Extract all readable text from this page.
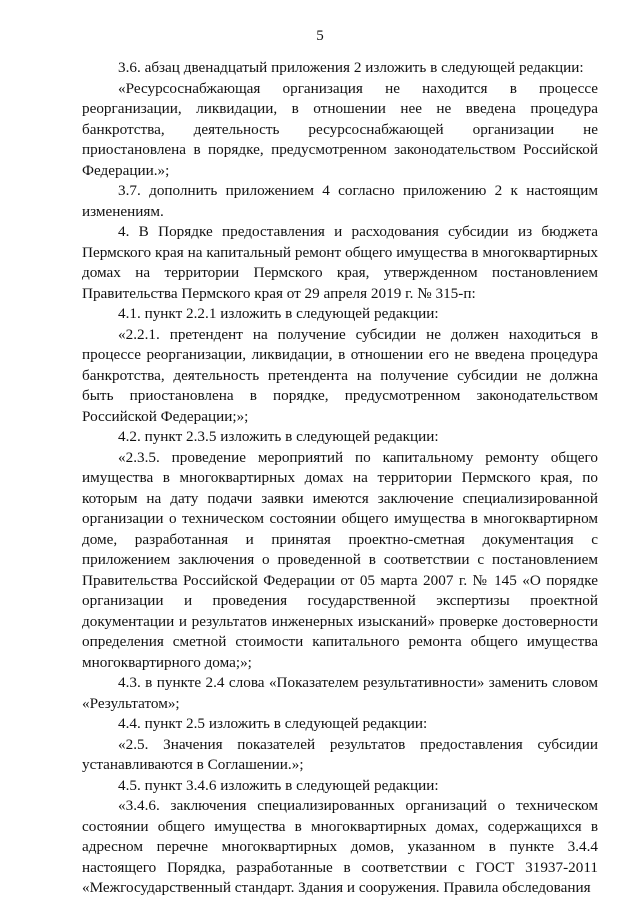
5

3.6. абзац двенадцатый приложения 2 изложить в следующей редакции:

«Ресурсоснабжающая организация не находится в процессе реорганизации, ликвидации, в отношении нее не введена процедура банкротства, деятельность ресурсоснабжающей организации не приостановлена в порядке, предусмотренном законодательством Российской Федерации.»;

3.7. дополнить приложением 4 согласно приложению 2 к настоящим изменениям.

4. В Порядке предоставления и расходования субсидии из бюджета Пермского края на капитальный ремонт общего имущества в многоквартирных домах на территории Пермского края, утвержденном постановлением Правительства Пермского края от 29 апреля 2019 г. № 315-п:

4.1. пункт 2.2.1 изложить в следующей редакции:

«2.2.1. претендент на получение субсидии не должен находиться в процессе реорганизации, ликвидации, в отношении его не введена процедура банкротства, деятельность претендента на получение субсидии не должна быть приостановлена в порядке, предусмотренном законодательством Российской Федерации;»;

4.2. пункт 2.3.5 изложить в следующей редакции:

«2.3.5. проведение мероприятий по капитальному ремонту общего имущества в многоквартирных домах на территории Пермского края, по которым на дату подачи заявки имеются заключение специализированной организации о техническом состоянии общего имущества в многоквартирном доме, разработанная и принятая проектно-сметная документация с приложением заключения о проведенной в соответствии с постановлением Правительства Российской Федерации от 05 марта 2007 г. № 145 «О порядке организации и проведения государственной экспертизы проектной документации и результатов инженерных изысканий» проверке достоверности определения сметной стоимости капитального ремонта общего имущества многоквартирного дома;»;

4.3. в пункте 2.4 слова «Показателем результативности» заменить словом «Результатом»;

4.4. пункт 2.5 изложить в следующей редакции:

«2.5. Значения показателей результатов предоставления субсидии устанавливаются в Соглашении.»;

4.5. пункт 3.4.6 изложить в следующей редакции:

«3.4.6. заключения специализированных организаций о техническом состоянии общего имущества в многоквартирных домах, содержащихся в адресном перечне многоквартирных домов, указанном в пункте 3.4.4 настоящего Порядка, разработанные в соответствии с ГОСТ 31937-2011 «Межгосударственный стандарт. Здания и сооружения. Правила обследования
